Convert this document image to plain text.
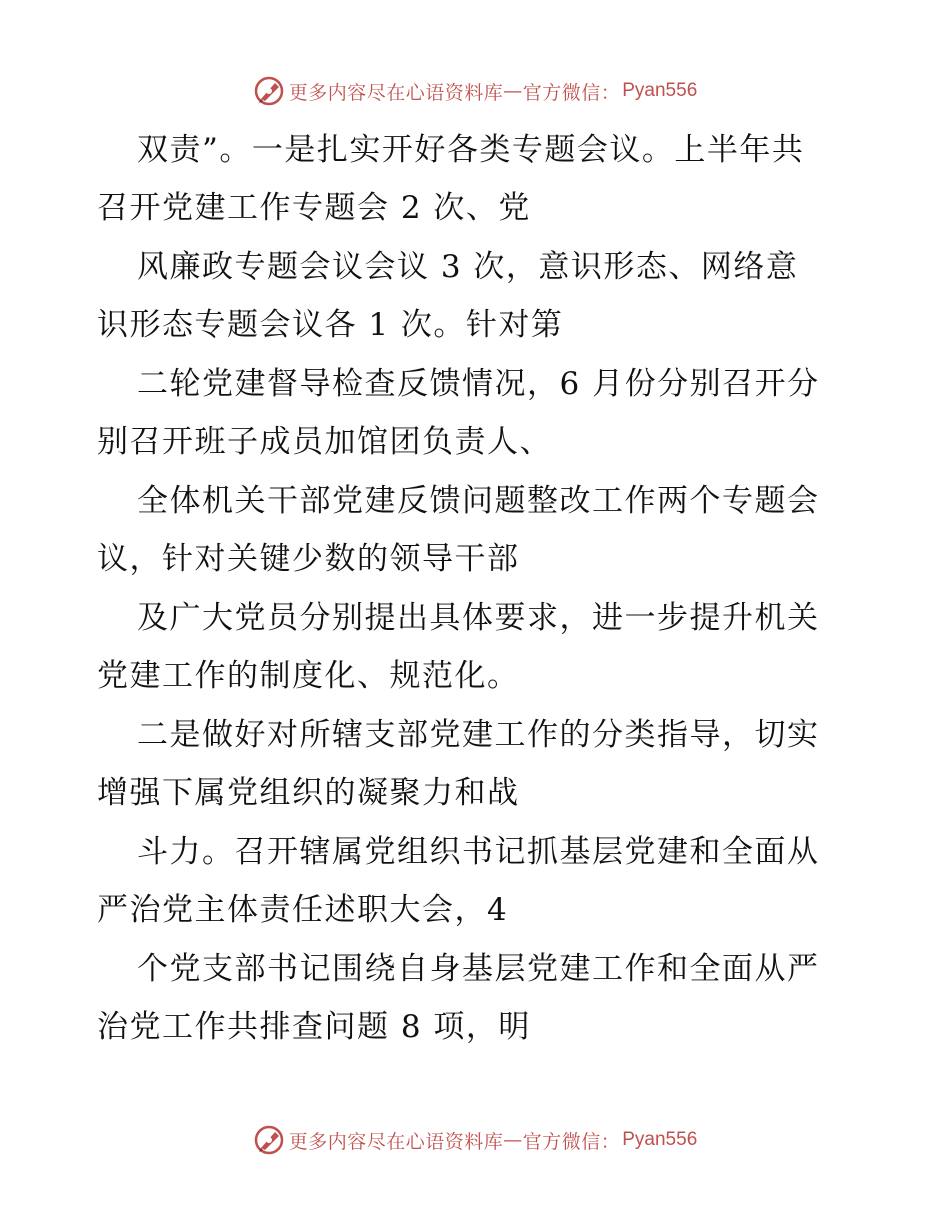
更多内容尽在心语资料库 — 官方微信： Pyan556
双责”。一是扎实开好各类专题会议。上半年共
召开党建工作专题会 2 次、党
风廉政专题会议会议 3 次，意识形态、网络意
识形态专题会议各 1 次。针对第
二轮党建督导检查反馈情况，6 月份分别召开分
别召开班子成员加馆团负责人、
全体机关干部党建反馈问题整改工作两个专题会
议，针对关键少数的领导干部
及广大党员分别提出具体要求，进一步提升机关
党建工作的制度化、规范化。
二是做好对所辖支部党建工作的分类指导，切实
增强下属党组织的凝聚力和战
斗力。召开辖属党组织书记抓基层党建和全面从
严治党主体责任述职大会，4
个党支部书记围绕自身基层党建工作和全面从严
治党工作共排查问题 8 项，明
更多内容尽在心语资料库 — 官方微信： Pyan556
